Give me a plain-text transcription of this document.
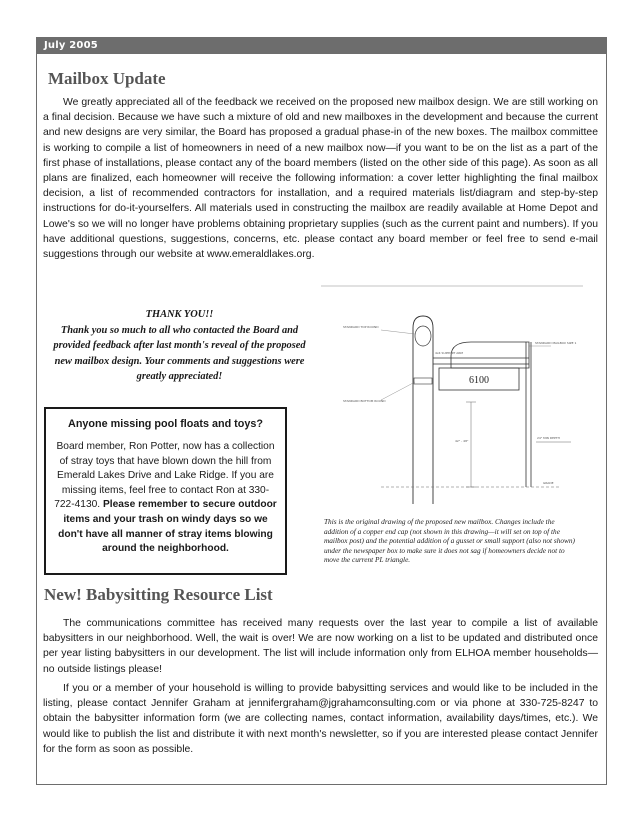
July 2005
Mailbox Update

We greatly appreciated all of the feedback we received on the proposed new mailbox design. We are still working on a final decision. Because we have such a mixture of old and new mailboxes in the development and because the current and new designs are very similar, the Board has proposed a gradual phase-in of the new boxes. The mailbox committee is working to compile a list of homeowners in need of a new mailbox now—if you want to be on the list as a part of the first phase of installations, please contact any of the board members (listed on the other side of this page). As soon as all plans are finalized, each homeowner will receive the following information: a cover letter highlighting the final mailbox decision, a list of recommended contractors for installation, and a required materials list/diagram and step-by-step instructions for do-it-yourselfers. All materials used in constructing the mailbox are readily available at Home Depot and Lowe's so we will no longer have problems obtaining proprietary supplies (such as the current paint and numbers). If you have additional questions, suggestions, concerns, etc. please contact any board member or feel free to send e-mail suggestions through our website at www.emeraldlakes.org.

THANK YOU!!
Thank you so much to all who contacted the Board and provided feedback after last month's reveal of the proposed new mailbox design. Your comments and suggestions were greatly appreciated!

Anyone missing pool floats and toys?

Board member, Ron Potter, now has a collection of stray toys that have blown down the hill from Emerald Lakes Drive and Lake Ridge. If you are missing items, feel free to contact Ron at 330-722-4130. Please remember to secure outdoor items and your trash on windy days so we don't have all manner of stray items blowing around the neighborhood.

6100
STANDARD TOP ROUND
STANDARD BOTTOM ROUND
STANDARD MAILBOX SIZE 1
4x4 SUPPORT ARM
42" - 48"
GRADE
24" MIN DEPTH

This is the original drawing of the proposed new mailbox. Changes include the addition of a copper end cap (not shown in this drawing—it will set on top of the mailbox post) and the potential addition of a gusset or small support (also not shown) under the newspaper box to make sure it does not sag if homeowners decide not to move the current PL triangle.

New! Babysitting Resource List

The communications committee has received many requests over the last year to compile a list of available babysitters in our neighborhood. Well, the wait is over! We are now working on a list to be updated and distributed once per year listing babysitters in our development. The list will include information only from ELHOA member households—no outside listings please!

If you or a member of your household is willing to provide babysitting services and would like to be included in the listing, please contact Jennifer Graham at jennifergraham@jgrahamconsulting.com or via phone at 330-725-8247 to obtain the babysitter information form (we are collecting names, contact information, availability days/times, etc.). We would like to publish the list and distribute it with next month's newsletter, so if you are interested please contact Jennifer for the form as soon as possible.
